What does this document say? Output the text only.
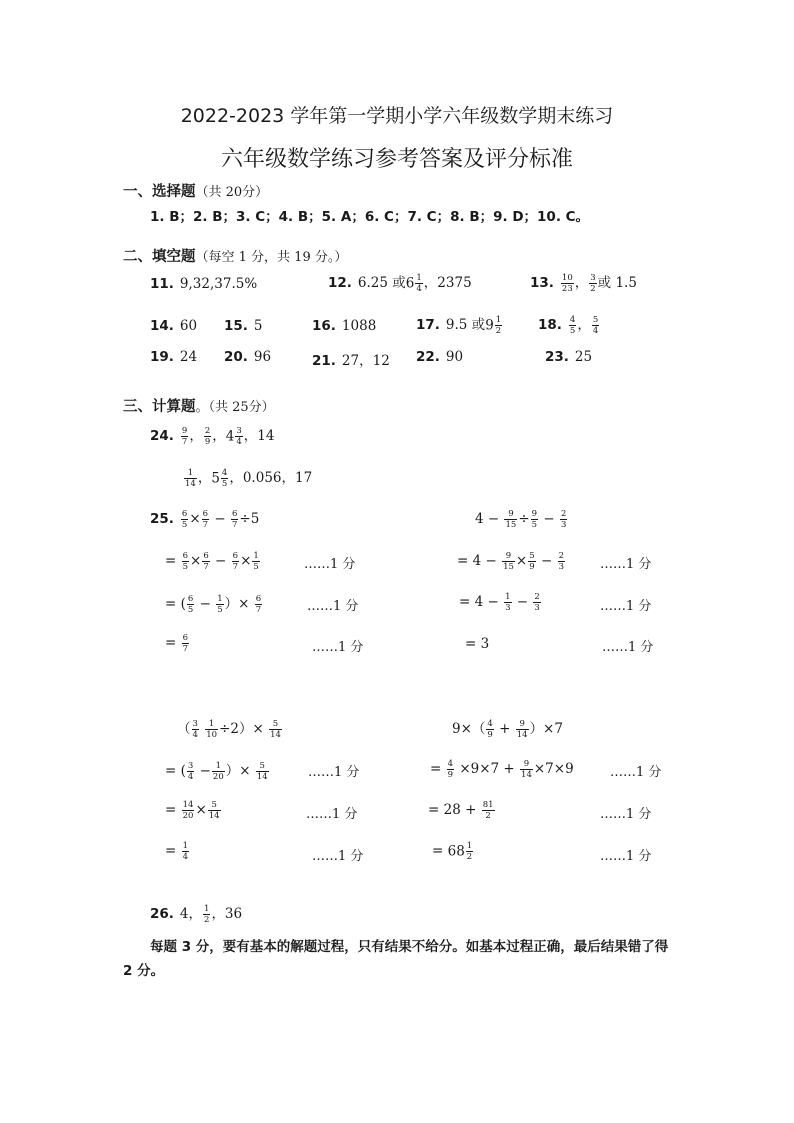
2022-2023 学年第一学期小学六年级数学期末练习
六年级数学练习参考答案及评分标准
一、选择题（共 20分）
1. B；2. B；3. C；4. B；5. A；6. C；7. C；8. B；9. D；10. C。
二、填空题（每空 1 分，共 19 分。）
11. 9,32,37.5%	12. 6.25 或$6 \frac{1}{4}$ ，2375	13. $\frac{10}{23}$ ， $\frac{3}{2}$ 或 1.5
14. 60 15. 5	16. 1088	17. 9.5 或$9 \frac{1}{2}$	18. $\frac{4}{5}$ ， $\frac{5}{4}$
19. 24 20. 96	21. 27，12 22. 90	23. 25
三、计算题。（共 25分）
24. $\frac{9}{7}$ ， $\frac{2}{9}$ ，$4 \frac{3}{4}$ ，14
$\frac{1}{14}$ ，$5 \frac{4}{5}$ ，0.056，17
25. $\frac{6}{5} \times \frac{6}{7} - \frac{6}{7} \div 5$
= $\frac{6}{5} \times \frac{6}{7} - \frac{6}{7} \times \frac{1}{5}$	……1 分
= ( $\frac{6}{5} - \frac{1}{5}$ ）× $\frac{6}{7}$	……1 分
= $\frac{6}{7}$	……1 分
$4 - \frac{9}{15} \div \frac{9}{5} - \frac{2}{3}$
= $4 - \frac{9}{15} \times \frac{5}{9} - \frac{2}{3}$	……1 分
= $4 - \frac{1}{3} - \frac{2}{3}$	……1 分
= 3	……1 分
（ $\frac{3}{4}$
$\frac{1}{10} \div 2)\times \frac{5}{14}$
= ( $\frac{3}{4} - \frac{1}{20}$ ）× $\frac{5}{14}$	……1 分
= $\frac{14}{20} \times \frac{5}{14}$	……1 分
= $\frac{1}{4}$	……1 分
$9\times( \frac{4}{9} + \frac{9}{14} )\times 7$
= $\frac{4}{9} \times 9\times 7 + \frac{9}{14} \times 7\times 9$	……1 分
= $28 + \frac{81}{2}$	……1 分
= $68 \frac{1}{2}$	……1 分
26. 4， $\frac{1}{2}$ ，36
每题 3 分，要有基本的解题过程，只有结果不给分。如基本过程正确，最后结果错了得 2 分。
